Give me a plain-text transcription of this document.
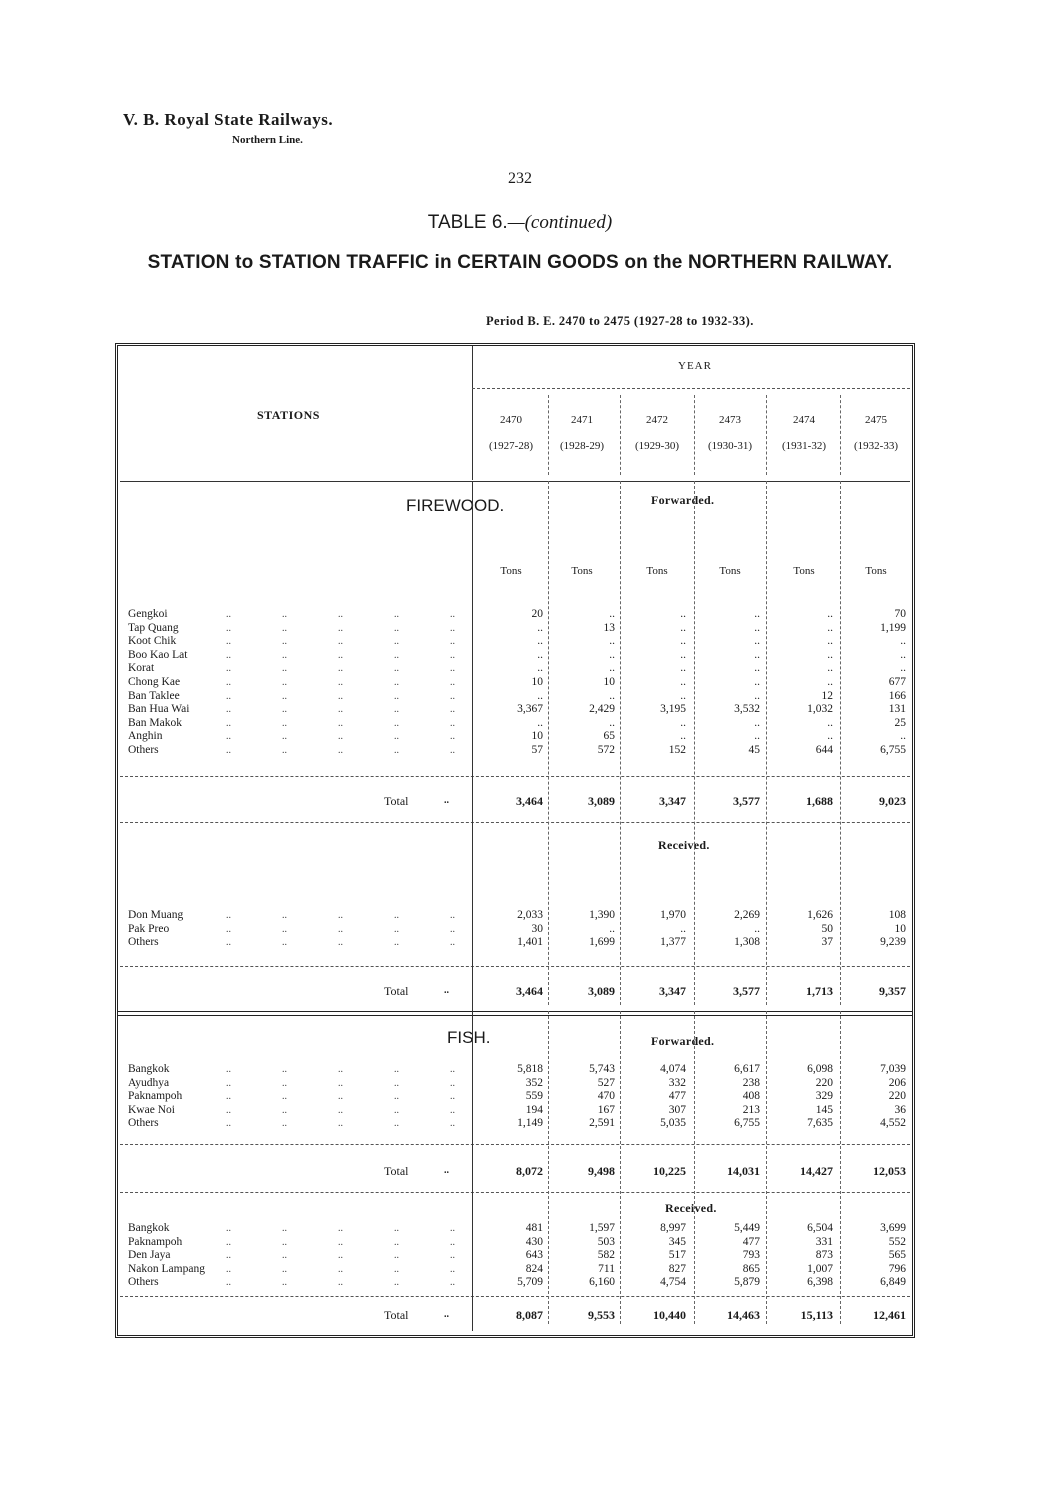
V. B. Royal State Railways.
Northern Line.
232
TABLE 6.—(continued)
STATION to STATION TRAFFIC in CERTAIN GOODS on the NORTHERN RAILWAY.
Period B. E. 2470 to 2475 (1927-28 to 1932-33).
STATIONS
YEAR
2470
(1927-28)
2471
(1928-29)
2472
(1929-30)
2473
(1930-31)
2474
(1931-32)
2475
(1932-33)
FIREWOOD.	Forwarded.
Tons	Tons	Tons	Tons	Tons	Tons
Gengkoi	..	..	..	..	..	20	..	..	..	..	70
Tap Quang	..	..	..	..	..	..	13	..	..	..	1,199
Koot Chik	..	..	..	..	..	..	..	..	..	..	..
Boo Kao Lat	..	..	..	..	..	..	..	..	..	..	..
Korat	..	..	..	..	..	..	..	..	..	..	..
Chong Kae	..	..	..	..	..	10	10	..	..	..	677
Ban Taklee	..	..	..	..	..	..	..	..	..	12	166
Ban Hua Wai	..	..	..	..	..	3,367	2,429	3,195	3,532	1,032	131
Ban Makok	..	..	..	..	..	..	..	..	..	..	25
Anghin	..	..	..	..	..	10	65	..	..	..	..
Others	..	..	..	..	..	57	572	152	45	644	6,755
Total	..	3,464	3,089	3,347	3,577	1,688	9,023
Received.
Don Muang	..	..	..	..	..	2,033	1,390	1,970	2,269	1,626	108
Pak Preo	..	..	..	..	..	30	..	..	..	50	10
Others	..	..	..	..	..	1,401	1,699	1,377	1,308	37	9,239
Total	..	3,464	3,089	3,347	3,577	1,713	9,357
FISH.	Forwarded.
Bangkok	..	..	..	..	..	5,818	5,743	4,074	6,617	6,098	7,039
Ayudhya	..	..	..	..	..	352	527	332	238	220	206
Paknampoh	..	..	..	..	..	559	470	477	408	329	220
Kwae Noi	..	..	..	..	..	194	167	307	213	145	36
Others	..	..	..	..	..	1,149	2,591	5,035	6,755	7,635	4,552
Total	..	8,072	9,498	10,225	14,031	14,427	12,053
Received.
Bangkok	..	..	..	..	..	481	1,597	8,997	5,449	6,504	3,699
Paknampoh	..	..	..	..	..	430	503	345	477	331	552
Den Jaya	..	..	..	..	..	643	582	517	793	873	565
Nakon Lampang ..	..	..	..	..	824	711	827	865	1,007	796
Others	..	..	..	..	..	5,709	6,160	4,754	5,879	6,398	6,849
Total	..	8,087	9,553	10,440	14,463	15,113	12,461
